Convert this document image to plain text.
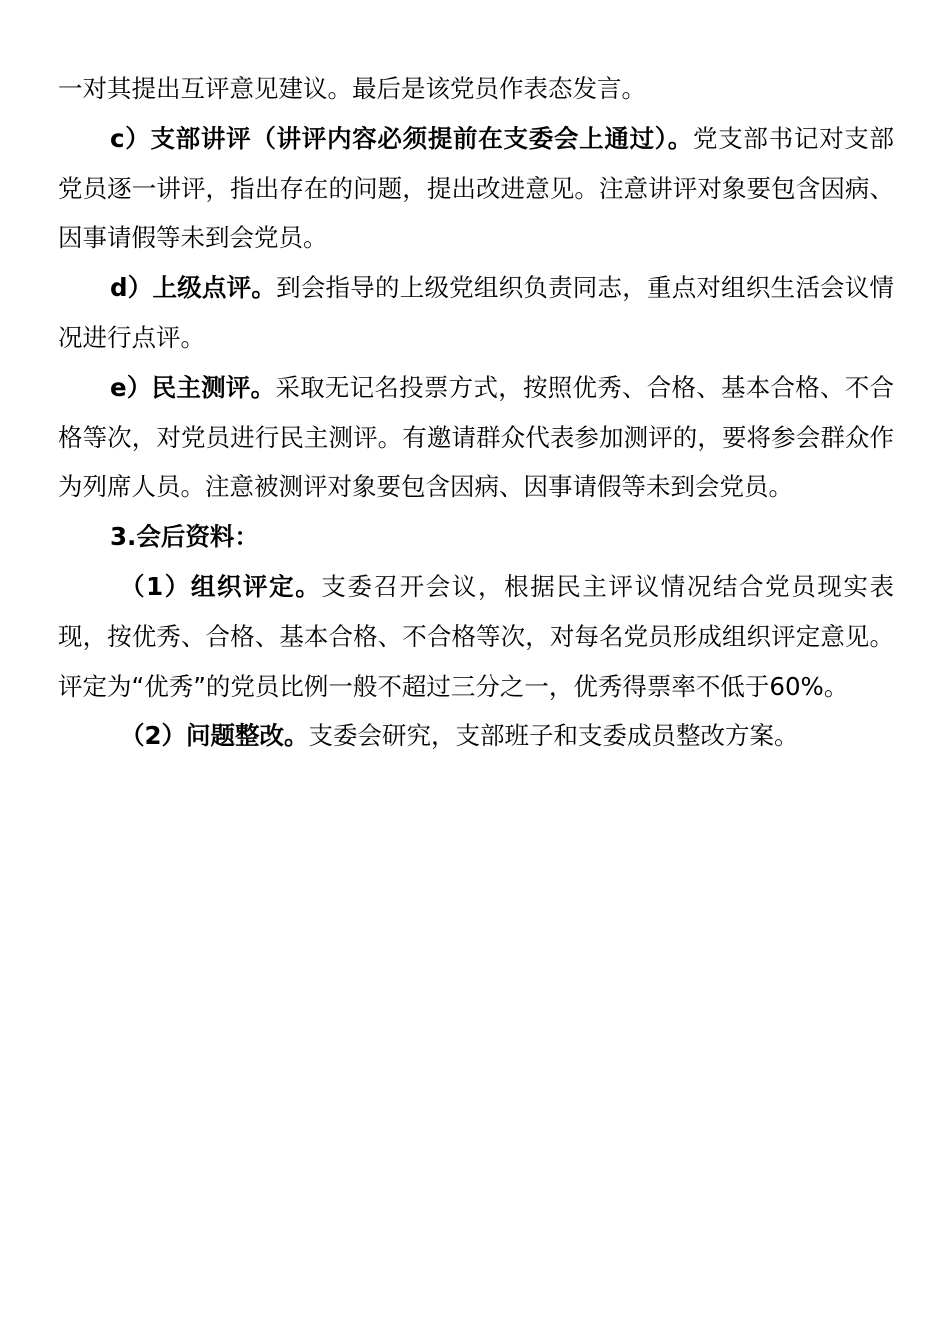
一对其提出互评意见建议。最后是该党员作表态发言。

c）支部讲评（讲评内容必须提前在支委会上通过）。党支部书记对支部党员逐一讲评，指出存在的问题，提出改进意见。注意讲评对象要包含因病、因事请假等未到会党员。

d）上级点评。到会指导的上级党组织负责同志，重点对组织生活会议情况进行点评。

e）民主测评。采取无记名投票方式，按照优秀、合格、基本合格、不合格等次，对党员进行民主测评。有邀请群众代表参加测评的，要将参会群众作为列席人员。注意被测评对象要包含因病、因事请假等未到会党员。

3.会后资料：

（1）组织评定。支委召开会议，根据民主评议情况结合党员现实表现，按优秀、合格、基本合格、不合格等次，对每名党员形成组织评定意见。评定为“优秀”的党员比例一般不超过三分之一，优秀得票率不低于60%。

（2）问题整改。支委会研究，支部班子和支委成员整改方案。
